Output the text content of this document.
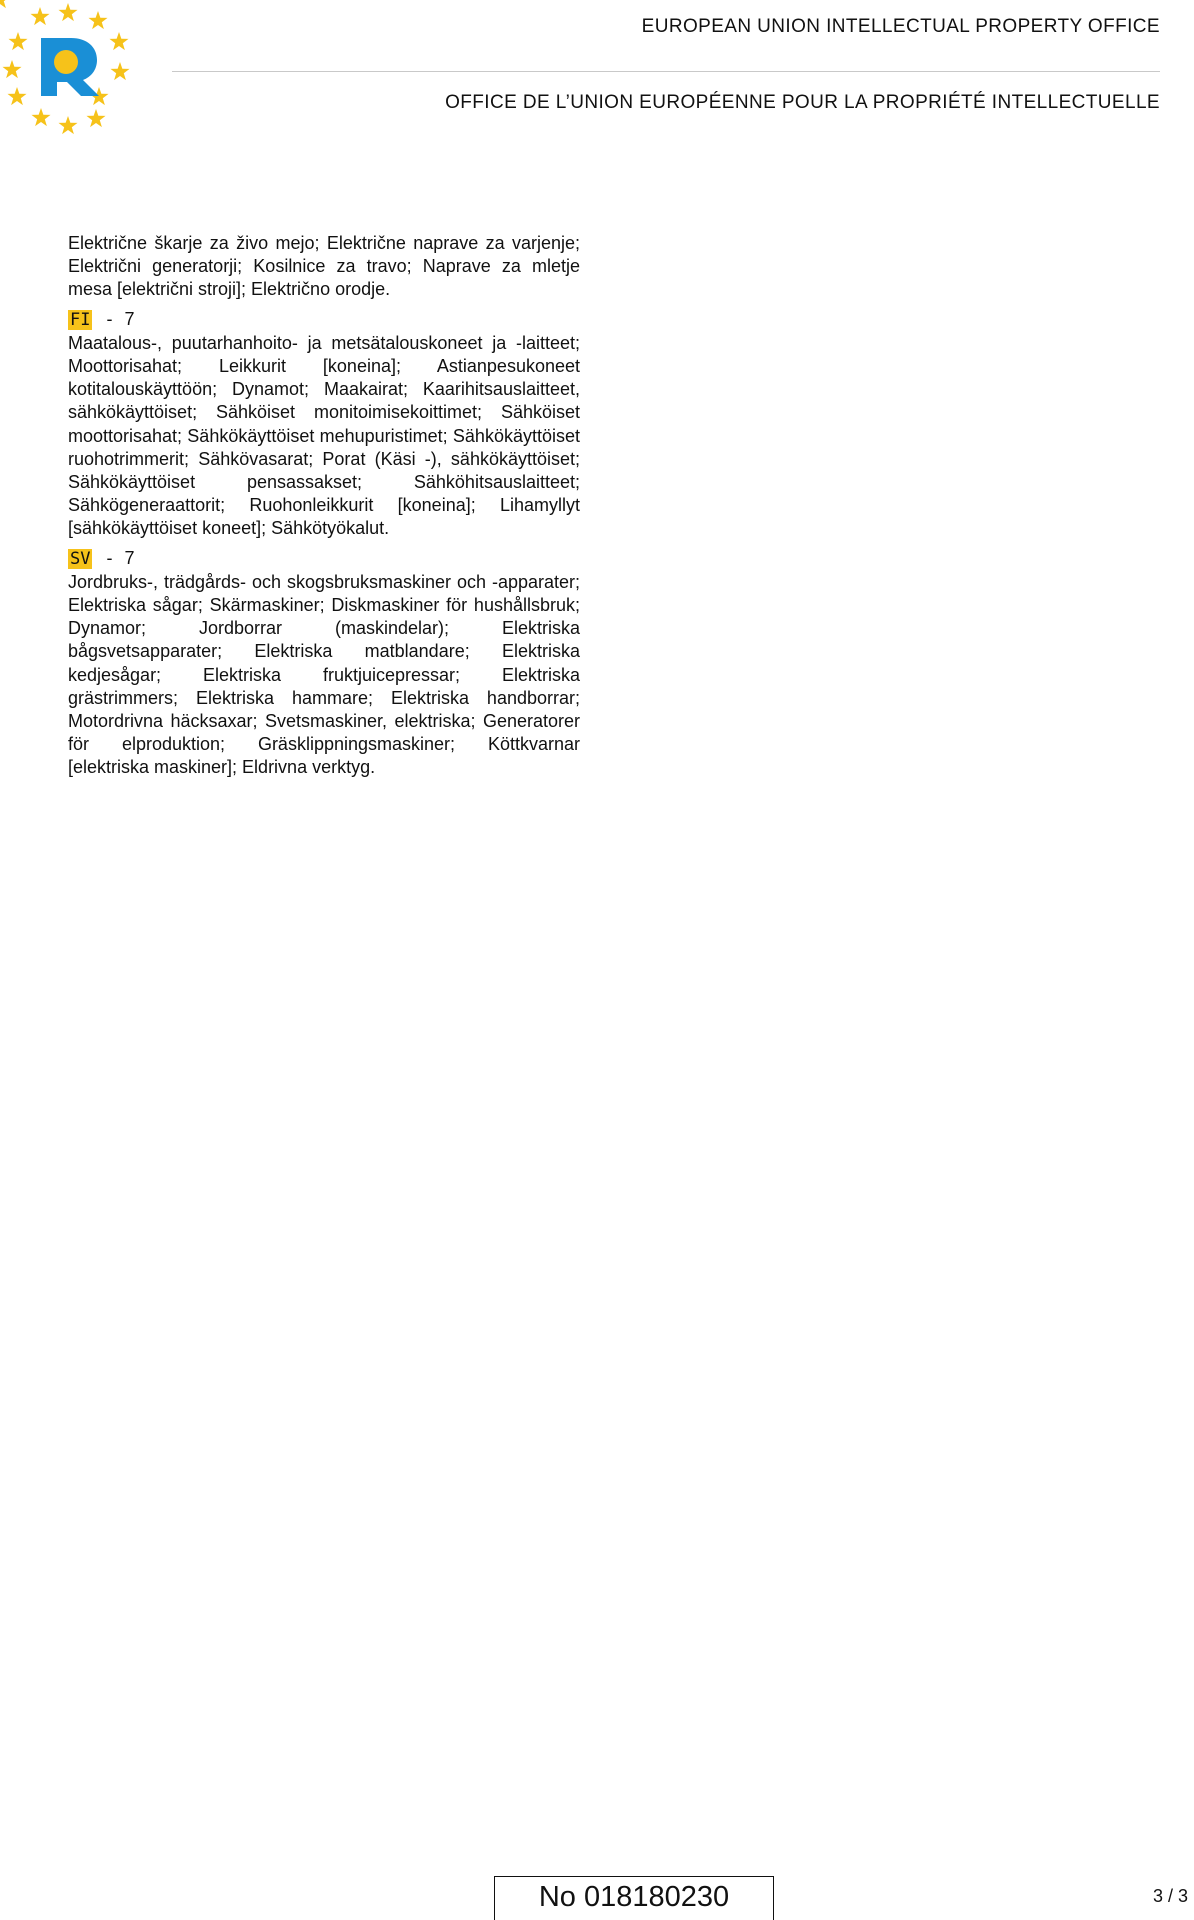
EUROPEAN UNION INTELLECTUAL PROPERTY OFFICE
OFFICE DE L’UNION EUROPÉENNE POUR LA PROPRIÉTÉ INTELLECTUELLE

Električne škarje za živo mejo; Električne naprave za varjenje; Električni generatorji; Kosilnice za travo; Naprave za mletje mesa [električni stroji]; Električno orodje.

FI - 7

Maatalous-, puutarhanhoito- ja metsätalouskoneet ja -laitteet; Moottorisahat; Leikkurit [koneina]; Astianpesukoneet kotitalouskäyttöön; Dynamot; Maakairat; Kaarihitsauslaitteet, sähkökäyttöiset; Sähköiset monitoimisekoittimet; Sähköiset moottorisahat; Sähkökäyttöiset mehupuristimet; Sähkökäyttöiset ruohotrimmerit; Sähkövasarat; Porat (Käsi -), sähkökäyttöiset; Sähkökäyttöiset pensassakset; Sähköhitsauslaitteet; Sähkögeneraattorit; Ruohonleikkurit [koneina]; Lihamyllyt [sähkökäyttöiset koneet]; Sähkötyökalut.

SV - 7

Jordbruks-, trädgårds- och skogsbruksmaskiner och -apparater; Elektriska sågar; Skärmaskiner; Diskmaskiner för hushållsbruk; Dynamor; Jordborrar (maskindelar); Elektriska bågsvetsapparater; Elektriska matblandare; Elektriska kedjesågar; Elektriska fruktjuicepressar; Elektriska grästrimmers; Elektriska hammare; Elektriska handborrar; Motordrivna häcksaxar; Svetsmaskiner, elektriska; Generatorer för elproduktion; Gräsklippningsmaskiner; Köttkvarnar [elektriska maskiner]; Eldrivna verktyg.

No 018180230	3 / 3
